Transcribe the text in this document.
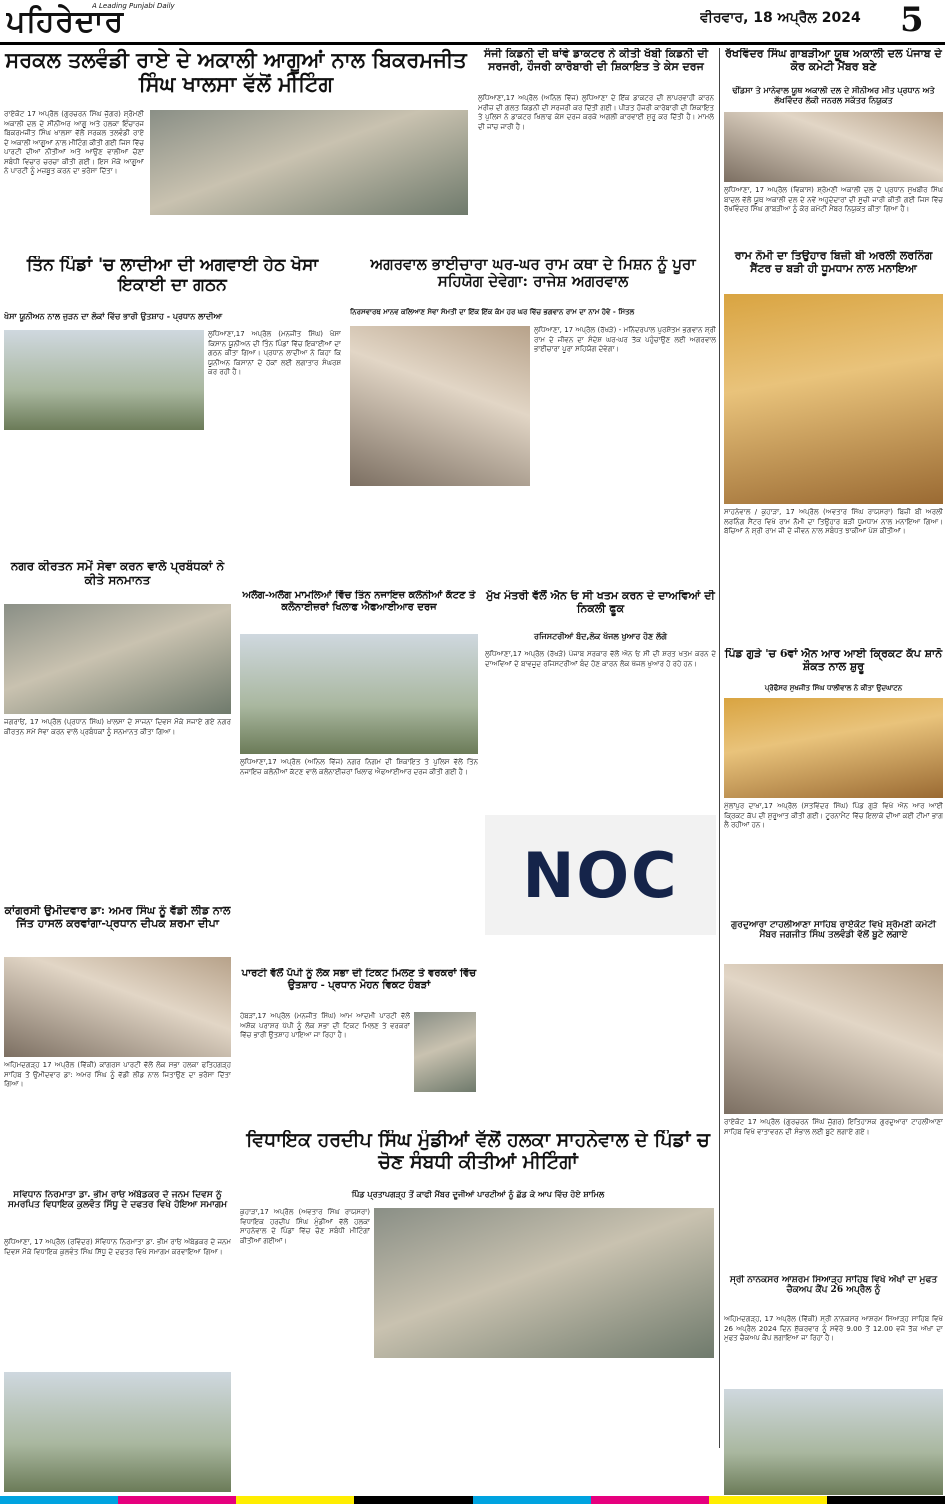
ਪਹਿਰੇਦਾਰ
A Leading Punjabi Daily
ਵੀਰਵਾਰ, 18 ਅਪ੍ਰੈਲ 2024	5
ਸਰਕਲ ਤਲਵੰਡੀ ਰਾਏ ਦੇ ਅਕਾਲੀ ਆਗੂਆਂ ਨਾਲ ਬਿਕਰਮਜੀਤ ਸਿੰਘ ਖਾਲਸਾ ਵੱਲੋਂ ਮੀਟਿੰਗ
ਰਾਏਕੋਟ 17 ਅਪ੍ਰੈਲ (ਗੁਰਚਰਨ ਸਿੰਘ ਜੁੱਗਰ) ਸ਼੍ਰੋਮਣੀ ਅਕਾਲੀ ਦਲ ਦੇ ਸੀਨੀਅਰ ਆਗੂ ਅਤੇ ਹਲਕਾ ਇੰਚਾਰਜ ਬਿਕਰਮਜੀਤ ਸਿੰਘ ਖਾਲਸਾ ਵੱਲੋਂ ਸਰਕਲ ਤਲਵੰਡੀ ਰਾਏ ਦੇ ਅਕਾਲੀ ਆਗੂਆਂ ਨਾਲ ਮੀਟਿੰਗ ਕੀਤੀ ਗਈ ਜਿਸ ਵਿੱਚ ਪਾਰਟੀ ਦੀਆਂ ਨੀਤੀਆਂ ਅਤੇ ਆਉਣ ਵਾਲੀਆਂ ਚੋਣਾਂ ਸਬੰਧੀ ਵਿਚਾਰ ਚਰਚਾ ਕੀਤੀ ਗਈ। ਇਸ ਮੌਕੇ ਆਗੂਆਂ ਨੇ ਪਾਰਟੀ ਨੂੰ ਮਜ਼ਬੂਤ ਕਰਨ ਦਾ ਭਰੋਸਾ ਦਿੱਤਾ।
ਸੰਜੀ ਕਿਡਨੀ ਦੀ ਥਾਂਵੇ ਡਾਕਟਰ ਨੇ ਕੀਤੀ ਖੱਬੀ ਕਿਡਨੀ ਦੀ ਸਰਜਰੀ, ਹੌਜਰੀ ਕਾਰੋਬਾਰੀ ਦੀ ਸ਼ਿਕਾਇਤ ਤੇ ਕੇਸ ਦਰਜ
ਲੁਧਿਆਣਾ,17 ਅਪ੍ਰੈਲ (ਅਨਿਲ ਵਿੱਜ) ਲੁਧਿਆਣਾ ਦੇ ਇੱਕ ਡਾਕਟਰ ਦੀ ਲਾਪਰਵਾਹੀ ਕਾਰਨ ਮਰੀਜ਼ ਦੀ ਗਲਤ ਕਿਡਨੀ ਦੀ ਸਰਜਰੀ ਕਰ ਦਿੱਤੀ ਗਈ। ਪੀੜਤ ਹੌਜਰੀ ਕਾਰੋਬਾਰੀ ਦੀ ਸ਼ਿਕਾਇਤ ਤੇ ਪੁਲਿਸ ਨੇ ਡਾਕਟਰ ਖਿਲਾਫ ਕੇਸ ਦਰਜ ਕਰਕੇ ਅਗਲੀ ਕਾਰਵਾਈ ਸ਼ੁਰੂ ਕਰ ਦਿੱਤੀ ਹੈ। ਮਾਮਲੇ ਦੀ ਜਾਂਚ ਜਾਰੀ ਹੈ।
ਰੱਖਵਿੰਦਰ ਸਿੰਘ ਗਾਬੜੀਆ ਯੂਥ ਅਕਾਲੀ ਦਲ ਪੰਜਾਬ ਦੇ ਕੋਰ ਕਮੇਟੀ ਮੈਂਬਰ ਬਣੇ
ਢੀਂਡਸਾ ਤੇ ਮਾਨੇਵਾਲ ਯੂਥ ਅਕਾਲੀ ਦਲ ਦੇ ਸੀਨੀਅਰ ਮੀਤ ਪ੍ਰਧਾਨ ਅਤੇ ਲੱਖਵਿੰਦਰ ਲੱਕੀ ਜਨਰਲ ਸਕੱਤਰ ਨਿਯੁਕਤ
ਲੁਧਿਆਣਾ, 17 ਅਪ੍ਰੈਲ (ਵਿਕਾਸ) ਸ਼੍ਰੋਮਣੀ ਅਕਾਲੀ ਦਲ ਦੇ ਪ੍ਰਧਾਨ ਸੁਖਬੀਰ ਸਿੰਘ ਬਾਦਲ ਵੱਲੋਂ ਯੂਥ ਅਕਾਲੀ ਦਲ ਦੇ ਨਵੇਂ ਅਹੁਦੇਦਾਰਾਂ ਦੀ ਸੂਚੀ ਜਾਰੀ ਕੀਤੀ ਗਈ ਜਿਸ ਵਿੱਚ ਰੱਖਵਿੰਦਰ ਸਿੰਘ ਗਾਬੜੀਆ ਨੂੰ ਕੋਰ ਕਮੇਟੀ ਮੈਂਬਰ ਨਿਯੁਕਤ ਕੀਤਾ ਗਿਆ ਹੈ।
ਰਾਮ ਨੌਮੀ ਦਾ ਤਿਉਹਾਰ ਬਿਜ਼ੀ ਬੀ ਅਰਲੀ ਲਰਨਿੰਗ ਸੈਂਟਰ ਚ ਬੜੀ ਹੀ ਧੂਮਧਾਮ ਨਾਲ ਮਨਾਇਆ
ਸਾਹਨੇਵਾਲ / ਕੁਹਾੜਾ, 17 ਅਪ੍ਰੈਲ (ਅਵਤਾਰ ਸਿੰਘ ਰਾਯਸਰਾ) ਬਿਜ਼ੀ ਬੀ ਅਰਲੀ ਲਰਨਿੰਗ ਸੈਂਟਰ ਵਿਖੇ ਰਾਮ ਨੌਮੀ ਦਾ ਤਿਉਹਾਰ ਬੜੀ ਧੂਮਧਾਮ ਨਾਲ ਮਨਾਇਆ ਗਿਆ। ਬੱਚਿਆਂ ਨੇ ਸ਼੍ਰੀ ਰਾਮ ਜੀ ਦੇ ਜੀਵਨ ਨਾਲ ਸਬੰਧਤ ਝਾਕੀਆਂ ਪੇਸ਼ ਕੀਤੀਆਂ।
ਤਿੰਨ ਪਿੰਡਾਂ 'ਚ ਲਾਦੀਆ ਦੀ ਅਗਵਾਈ ਹੇਠ ਖੋਸਾ ਇਕਾਈ ਦਾ ਗਠਨ
ਖੋਸਾ ਯੂਨੀਅਨ ਨਾਲ ਜੁੜਨ ਦਾ ਲੋਕਾਂ ਵਿੱਚ ਭਾਰੀ ਉਤਸ਼ਾਹ - ਪ੍ਰਧਾਨ ਲਾਦੀਆ
ਲੁਧਿਆਣਾ,17 ਅਪ੍ਰੈਲ (ਮਨਜੀਤ ਸਿੰਘ) ਖੋਸਾ ਕਿਸਾਨ ਯੂਨੀਅਨ ਦੀ ਤਿੰਨ ਪਿੰਡਾਂ ਵਿੱਚ ਇਕਾਈਆਂ ਦਾ ਗਠਨ ਕੀਤਾ ਗਿਆ। ਪ੍ਰਧਾਨ ਲਾਦੀਆ ਨੇ ਕਿਹਾ ਕਿ ਯੂਨੀਅਨ ਕਿਸਾਨਾਂ ਦੇ ਹੱਕਾਂ ਲਈ ਲਗਾਤਾਰ ਸੰਘਰਸ਼ ਕਰ ਰਹੀ ਹੈ।
ਅਗਰਵਾਲ ਭਾਈਚਾਰਾ ਘਰ-ਘਰ ਰਾਮ ਕਥਾ ਦੇ ਮਿਸ਼ਨ ਨੂੰ ਪੂਰਾ ਸਹਿਯੋਗ ਦੇਵੇਗਾ: ਰਾਜੇਸ਼ ਅਗਰਵਾਲ
ਨਿਰਸਵਾਰਥ ਮਾਨਵ ਕਲਿਆਣ ਸੇਵਾ ਸੰਮਤੀ ਦਾ ਇੱਕ ਇੱਕ ਕੰਮ ਹਰ ਘਰ ਵਿੱਚ ਭਗਵਾਨ ਰਾਮ ਦਾ ਨਾਮ ਹੋਵੇ - ਮਿੱਤਲ
ਲੁਧਿਆਣਾ, 17 ਅਪ੍ਰੈਲ (ਰੱਖੜੇ) - ਮਨਿੰਦਰਪਾਲ ਪੁਰਸ਼ੋਤਮ ਭਗਵਾਨ ਸ਼੍ਰੀ ਰਾਮ ਦੇ ਜੀਵਨ ਦਾ ਸੰਦੇਸ਼ ਘਰ-ਘਰ ਤੱਕ ਪਹੁੰਚਾਉਣ ਲਈ ਅਗਰਵਾਲ ਭਾਈਚਾਰਾ ਪੂਰਾ ਸਹਿਯੋਗ ਦੇਵੇਗਾ।
ਨਗਰ ਕੀਰਤਨ ਸਮੇਂ ਸੇਵਾ ਕਰਨ ਵਾਲੇ ਪ੍ਰਬੰਧਕਾਂ ਨੇ ਕੀਤੇ ਸਨਮਾਨਤ
ਜਗਰਾਓਂ, 17 ਅਪ੍ਰੈਲ (ਪ੍ਰਧਾਨ ਸਿੰਘ) ਖ਼ਾਲਸਾ ਦੇ ਸਾਜਨਾ ਦਿਵਸ ਮੌਕੇ ਸਜਾਏ ਗਏ ਨਗਰ ਕੀਰਤਨ ਸਮੇਂ ਸੇਵਾ ਕਰਨ ਵਾਲੇ ਪ੍ਰਬੰਧਕਾਂ ਨੂੰ ਸਨਮਾਨਤ ਕੀਤਾ ਗਿਆ।
ਅਲੱਗ-ਅਲੱਗ ਮਾਮਲਿਆਂ ਵਿੱਚ ਤਿੰਨ ਨਜਾਇਜ਼ ਕਲੋਨੀਆਂ ਕੱਟਣ ਤੇ ਕਲੋਨਾਈਜ਼ਰਾਂ ਖਿਲਾਫ ਐਫਆਈਆਰ ਦਰਜ
ਲੁਧਿਆਣਾ,17 ਅਪ੍ਰੈਲ (ਅਨਿਲ ਵਿੱਜ) ਨਗਰ ਨਿਗਮ ਦੀ ਸ਼ਿਕਾਇਤ ਤੇ ਪੁਲਿਸ ਵੱਲੋਂ ਤਿੰਨ ਨਜਾਇਜ਼ ਕਲੋਨੀਆਂ ਕੱਟਣ ਵਾਲੇ ਕਲੋਨਾਈਜ਼ਰਾਂ ਖਿਲਾਫ ਐਫਆਈਆਰ ਦਰਜ ਕੀਤੀ ਗਈ ਹੈ।
ਮੁੱਖ ਮੰਤਰੀ ਵੱਲੋਂ ਐਨ ਓ ਸੀ ਖਤਮ ਕਰਨ ਦੇ ਦਾਅਵਿਆਂ ਦੀ ਨਿਕਲੀ ਫੂਕ
ਰਜਿਸਟਰੀਆਂ ਬੰਦ,ਲੋਕ ਖੱਜਲ ਖੁਆਰ ਹੋਣ ਲੱਗੇ
ਲੁਧਿਆਣਾ,17 ਅਪ੍ਰੈਲ (ਰੱਖੜੇ) ਪੰਜਾਬ ਸਰਕਾਰ ਵੱਲੋਂ ਐਨ ਓ ਸੀ ਦੀ ਸ਼ਰਤ ਖਤਮ ਕਰਨ ਦੇ ਦਾਅਵਿਆਂ ਦੇ ਬਾਵਜੂਦ ਰਜਿਸਟਰੀਆਂ ਬੰਦ ਹੋਣ ਕਾਰਨ ਲੋਕ ਖੱਜਲ ਖੁਆਰ ਹੋ ਰਹੇ ਹਨ।
NOC
ਪਿੰਡ ਗੁੜੇ 'ਚ 6ਵਾਂ ਐਨ ਆਰ ਆਈ ਕ੍ਰਿਕਟ ਕੱਪ ਸ਼ਾਨੋ ਸ਼ੌਕਤ ਨਾਲ ਸ਼ੁਰੂ
ਪ੍ਰੋਫੈਸਰ ਸੁਖਜੀਤ ਸਿੰਘ ਧਾਲੀਵਾਲ ਨੇ ਕੀਤਾ ਉਦਘਾਟਨ
ਮੁੱਲਾਂਪੁਰ ਦਾਖਾ,17 ਅਪ੍ਰੈਲ (ਸਤਵਿੰਦਰ ਸਿੰਘ) ਪਿੰਡ ਗੁੜੇ ਵਿਖੇ ਐਨ ਆਰ ਆਈ ਕ੍ਰਿਕਟ ਕੱਪ ਦੀ ਸ਼ੁਰੂਆਤ ਕੀਤੀ ਗਈ। ਟੂਰਨਾਮੈਂਟ ਵਿੱਚ ਇਲਾਕੇ ਦੀਆਂ ਕਈ ਟੀਮਾਂ ਭਾਗ ਲੈ ਰਹੀਆਂ ਹਨ।
ਕਾਂਗਰਸੀ ਉਮੀਦਵਾਰ ਡਾ: ਅਮਰ ਸਿੰਘ ਨੂੰ ਵੱਡੀ ਲੀਡ ਨਾਲ ਜਿੱਤ ਹਾਸਲ ਕਰਵਾਂਗਾ-ਪ੍ਰਧਾਨ ਦੀਪਕ ਸ਼ਰਮਾ ਦੀਪਾ
ਅਹਿਮਦਗੜ੍ਹ 17 ਅਪ੍ਰੈਲ (ਵਿੱਕੀ) ਕਾਂਗਰਸ ਪਾਰਟੀ ਵੱਲੋਂ ਲੋਕ ਸਭਾ ਹਲਕਾ ਫਤਿਹਗੜ੍ਹ ਸਾਹਿਬ ਤੋਂ ਉਮੀਦਵਾਰ ਡਾ: ਅਮਰ ਸਿੰਘ ਨੂੰ ਵੱਡੀ ਲੀਡ ਨਾਲ ਜਿਤਾਉਣ ਦਾ ਭਰੋਸਾ ਦਿੱਤਾ ਗਿਆ।
ਪਾਰਟੀ ਵੱਲੋਂ ਪੱਪੀ ਨੂੰ ਲੋਕ ਸਭਾ ਦੀ ਟਿਕਟ ਮਿਲਣ ਤੇ ਵਰਕਰਾਂ ਵਿੱਚ ਉਤਸ਼ਾਹ - ਪ੍ਰਧਾਨ ਮੋਹਨ ਵਿਕਟ ਹੰਬੜਾਂ
ਹੰਬੜਾਂ,17 ਅਪ੍ਰੈਲ (ਮਨਜੀਤ ਸਿੰਘ) ਆਮ ਆਦਮੀ ਪਾਰਟੀ ਵੱਲੋਂ ਅਸ਼ੋਕ ਪਰਾਸ਼ਰ ਪੱਪੀ ਨੂੰ ਲੋਕ ਸਭਾ ਦੀ ਟਿਕਟ ਮਿਲਣ ਤੇ ਵਰਕਰਾਂ ਵਿੱਚ ਭਾਰੀ ਉਤਸ਼ਾਹ ਪਾਇਆ ਜਾ ਰਿਹਾ ਹੈ।
ਸਵਿਧਾਨ ਨਿਰਮਾਤਾ ਡਾ. ਭੀਮ ਰਾਓ ਅੰਬੇਡਕਰ ਦੇ ਜਨਮ ਦਿਵਸ ਨੂੰ ਸਮਰਪਿਤ ਵਿਧਾਇਕ ਕੁਲਵੰਤ ਸਿੱਧੂ ਦੇ ਦਫਤਰ ਵਿਖੇ ਹੋਇਆ ਸਮਾਗਮ
ਲੁਧਿਆਣਾ, 17 ਅਪ੍ਰੈਲ (ਰਵਿੰਦਰ) ਸੰਵਿਧਾਨ ਨਿਰਮਾਤਾ ਡਾ. ਭੀਮ ਰਾਓ ਅੰਬੇਡਕਰ ਦੇ ਜਨਮ ਦਿਵਸ ਮੌਕੇ ਵਿਧਾਇਕ ਕੁਲਵੰਤ ਸਿੰਘ ਸਿੱਧੂ ਦੇ ਦਫਤਰ ਵਿਖੇ ਸਮਾਗਮ ਕਰਵਾਇਆ ਗਿਆ।
ਵਿਧਾਇਕ ਹਰਦੀਪ ਸਿੰਘ ਮੁੰਡੀਆਂ ਵੱਲੋਂ ਹਲਕਾ ਸਾਹਨੇਵਾਲ ਦੇ ਪਿੰਡਾਂ ਚ ਚੋਣ ਸੰਬਧੀ ਕੀਤੀਆਂ ਮੀਟਿੰਗਾਂ
ਪਿੰਡ ਪ੍ਰਤਾਪਗੜ੍ਹ ਤੋਂ ਕਾਫੀ ਮੈਂਬਰ ਦੂਜੀਆਂ ਪਾਰਟੀਆਂ ਨੂੰ ਛੱਡ ਕੇ ਆਪ ਵਿੱਚ ਹੋਏ ਸ਼ਾਮਿਲ
ਕੁਹਾੜਾ,17 ਅਪ੍ਰੈਲ (ਅਵਤਾਰ ਸਿੰਘ ਰਾਯਸਰਾ) ਵਿਧਾਇਕ ਹਰਦੀਪ ਸਿੰਘ ਮੁੰਡੀਆਂ ਵੱਲੋਂ ਹਲਕਾ ਸਾਹਨੇਵਾਲ ਦੇ ਪਿੰਡਾਂ ਵਿੱਚ ਚੋਣ ਸਬੰਧੀ ਮੀਟਿੰਗਾਂ ਕੀਤੀਆਂ ਗਈਆਂ।
ਗੁਰਦੁਆਰਾ ਟਾਹਲੀਆਣਾ ਸਾਹਿਬ ਰਾਏਕੋਟ ਵਿਖੇ ਸ਼੍ਰੋਮਣੀ ਕਮੇਟੀ ਮੈਂਬਰ ਜਗਜੀਤ ਸਿੰਘ ਤਲਵੰਡੀ ਵੱਲੋਂ ਬੂਟੇ ਲਗਾਏ
ਰਾਏਕੋਟ 17 ਅਪ੍ਰੈਲ (ਗੁਰਚਰਨ ਸਿੰਘ ਜੁੱਗਰ) ਇਤਿਹਾਸਕ ਗੁਰਦੁਆਰਾ ਟਾਹਲੀਆਣਾ ਸਾਹਿਬ ਵਿਖੇ ਵਾਤਾਵਰਨ ਦੀ ਸੰਭਾਲ ਲਈ ਬੂਟੇ ਲਗਾਏ ਗਏ।
ਸ੍ਰੀ ਨਾਨਕਸਰ ਆਸ਼ਰਮ ਸਿਆੜ੍ਹ ਸਾਹਿਬ ਵਿਖੇ ਅੱਖਾਂ ਦਾ ਮੁਫਤ ਚੈਕਅਪ ਕੈਂਪ 26 ਅਪ੍ਰੈਲ ਨੂੰ
ਅਹਿਮਦਗੜ੍ਹ, 17 ਅਪ੍ਰੈਲ (ਵਿੱਕੀ) ਸ੍ਰੀ ਨਾਨਕਸਰ ਆਸ਼ਰਮ ਸਿਆੜ੍ਹ ਸਾਹਿਬ ਵਿਖੇ 26 ਅਪ੍ਰੈਲ 2024 ਦਿਨ ਸ਼ੁੱਕਰਵਾਰ ਨੂੰ ਸਵੇਰੇ 9.00 ਤੋਂ 12.00 ਵਜੇ ਤੱਕ ਅੱਖਾਂ ਦਾ ਮੁਫਤ ਚੈਕਅਪ ਕੈਂਪ ਲਗਾਇਆ ਜਾ ਰਿਹਾ ਹੈ।
